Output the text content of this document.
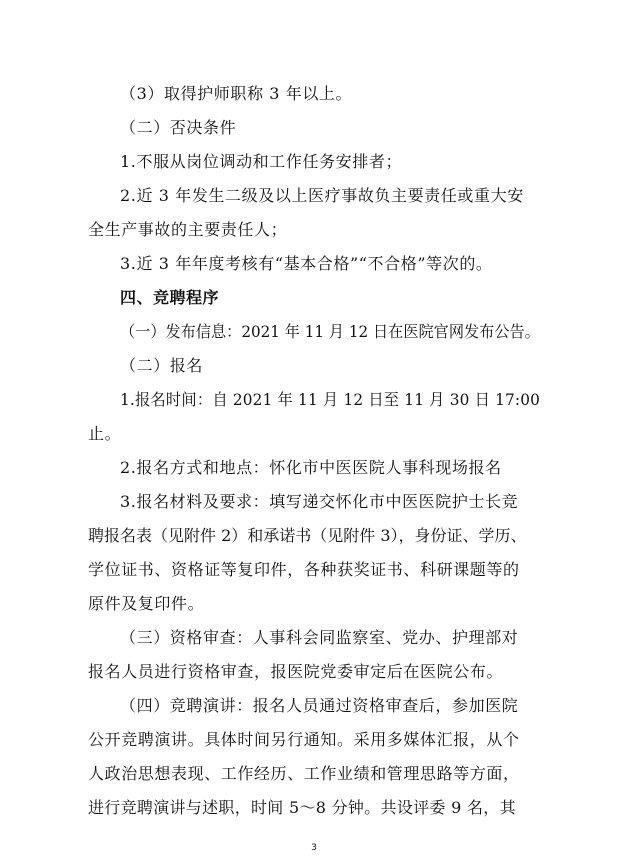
（3）取得护师职称 3 年以上。
（二）否决条件
1.不服从岗位调动和工作任务安排者；
2.近 3 年发生二级及以上医疗事故负主要责任或重大安
全生产事故的主要责任人；
3.近 3 年年度考核有“基本合格”“不合格”等次的。
四、竞聘程序
（一）发布信息：2021 年 11 月 12 日在医院官网发布公告。
（二）报名
1.报名时间：自 2021 年 11 月 12 日至 11 月 30 日 17:00
止。
2.报名方式和地点：怀化市中医医院人事科现场报名
3.报名材料及要求：填写递交怀化市中医医院护士长竞
聘报名表（见附件 2）和承诺书（见附件 3），身份证、学历、
学位证书、资格证等复印件，各种获奖证书、科研课题等的
原件及复印件。
（三）资格审查：人事科会同监察室、党办、护理部对
报名人员进行资格审查，报医院党委审定后在医院公布。
（四）竞聘演讲：报名人员通过资格审查后，参加医院
公开竞聘演讲。具体时间另行通知。采用多媒体汇报，从个
人政治思想表现、工作经历、工作业绩和管理思路等方面，
进行竞聘演讲与述职，时间 5～8 分钟。共设评委 9 名，其
3
